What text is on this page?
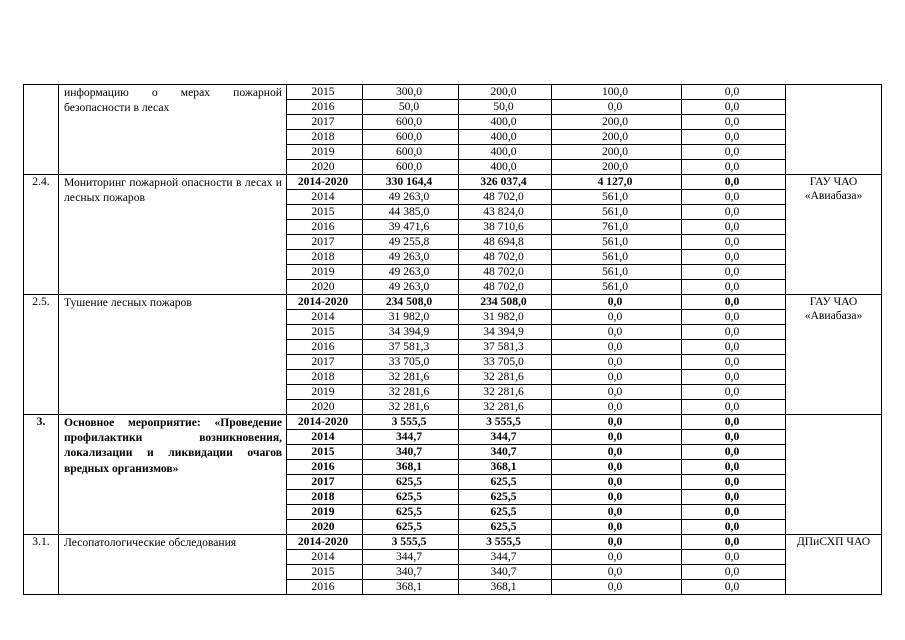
	информацию о мерах пожарной безопасности в лесах	2015	300,0	200,0	100,0	0,0	
		2016	50,0	50,0	0,0	0,0	
		2017	600,0	400,0	200,0	0,0	
		2018	600,0	400,0	200,0	0,0	
		2019	600,0	400,0	200,0	0,0	
		2020	600,0	400,0	200,0	0,0	
2.4.	Мониторинг пожарной опасности в лесах и лесных пожаров	2014-2020	330 164,4	326 037,4	4 127,0	0,0	ГАУ ЧАО «Авиабаза»
		2014	49 263,0	48 702,0	561,0	0,0	
		2015	44 385,0	43 824,0	561,0	0,0	
		2016	39 471,6	38 710,6	761,0	0,0	
		2017	49 255,8	48 694,8	561,0	0,0	
		2018	49 263,0	48 702,0	561,0	0,0	
		2019	49 263,0	48 702,0	561,0	0,0	
		2020	49 263,0	48 702,0	561,0	0,0	
2.5.	Тушение лесных пожаров	2014-2020	234 508,0	234 508,0	0,0	0,0	ГАУ ЧАО «Авиабаза»
		2014	31 982,0	31 982,0	0,0	0,0	
		2015	34 394,9	34 394,9	0,0	0,0	
		2016	37 581,3	37 581,3	0,0	0,0	
		2017	33 705,0	33 705,0	0,0	0,0	
		2018	32 281,6	32 281,6	0,0	0,0	
		2019	32 281,6	32 281,6	0,0	0,0	
		2020	32 281,6	32 281,6	0,0	0,0	
3.	Основное мероприятие: «Проведение профилактики возникновения, локализации и ликвидации очагов вредных организмов»	2014-2020	3 555,5	3 555,5	0,0	0,0	
		2014	344,7	344,7	0,0	0,0	
		2015	340,7	340,7	0,0	0,0	
		2016	368,1	368,1	0,0	0,0	
		2017	625,5	625,5	0,0	0,0	
		2018	625,5	625,5	0,0	0,0	
		2019	625,5	625,5	0,0	0,0	
		2020	625,5	625,5	0,0	0,0	
3.1.	Лесопатологические обследования	2014-2020	3 555,5	3 555,5	0,0	0,0	ДПиСХП ЧАО
		2014	344,7	344,7	0,0	0,0	
		2015	340,7	340,7	0,0	0,0	
		2016	368,1	368,1	0,0	0,0	
